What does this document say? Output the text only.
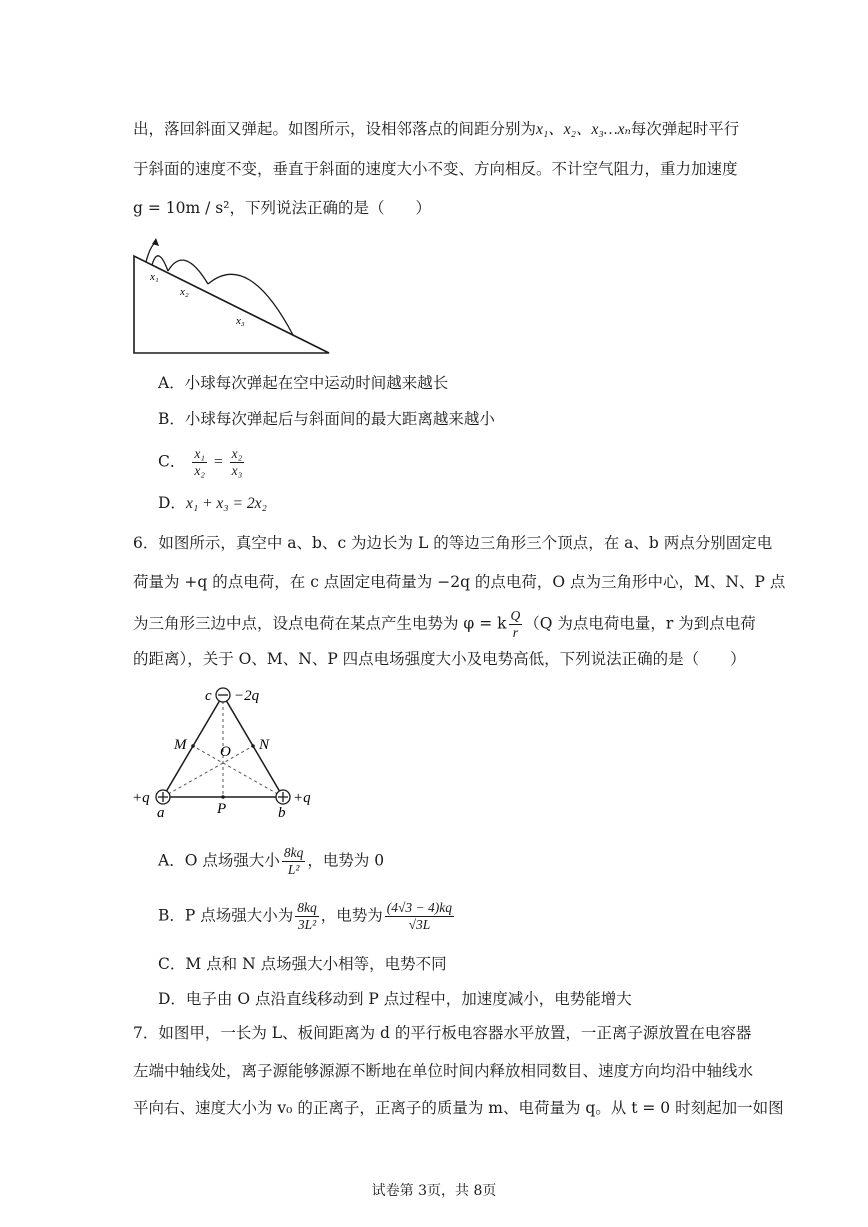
出，落回斜面又弹起。如图所示，设相邻落点的间距分别为x₁、x₂、x₃…xₙ每次弹起时平行
于斜面的速度不变，垂直于斜面的速度大小不变、方向相反。不计空气阻力，重力加速度
g = 10m / s²，下列说法正确的是（　　）
x₁
x₂
x₃
A．小球每次弹起在空中运动时间越来越长
B．小球每次弹起后与斜面间的最大距离越来越小
C． $\frac{\text{x₁}}{\text{x₂}} = \frac{\text{x₂}}{\text{x₃}}$
D．x₁ + x₃ = 2x₂
6．如图所示，真空中 a、b、c 为边长为 L 的等边三角形三个顶点，在 a、b 两点分别固定电
荷量为 +q 的点电荷，在 c 点固定电荷量为 −2q 的点电荷，O 点为三角形中心，M、N、P 点
为三角形三边中点，设点电荷在某点产生电势为 φ = k $\frac{Q}{r} (Q$ 为点电荷电量，r 为到点电荷
的距离），关于 O、M、N、P 四点电场强度大小及电势高低，下列说法正确的是（　　）
c −2q
M	N
O
+q	+q
a	b
P
A．O 点场强大小 $\frac{8kq}{\text{L²}}$ ，电势为 0
B．P 点场强大小为 $\frac{8kq}{\text{3L²}}$ ，电势为 $\frac{(4√3 - 4)kq}{√3L}$
C．M 点和 N 点场强大小相等，电势不同
D．电子由 O 点沿直线移动到 P 点过程中，加速度减小，电势能增大
7．如图甲，一长为 L、板间距离为 d 的平行板电容器水平放置，一正离子源放置在电容器
左端中轴线处，离子源能够源源不断地在单位时间内释放相同数目、速度方向均沿中轴线水
平向右、速度大小为 v₀ 的正离子，正离子的质量为 m、电荷量为 q。从 t = 0 时刻起加一如图
试卷第 3页，共 8页
